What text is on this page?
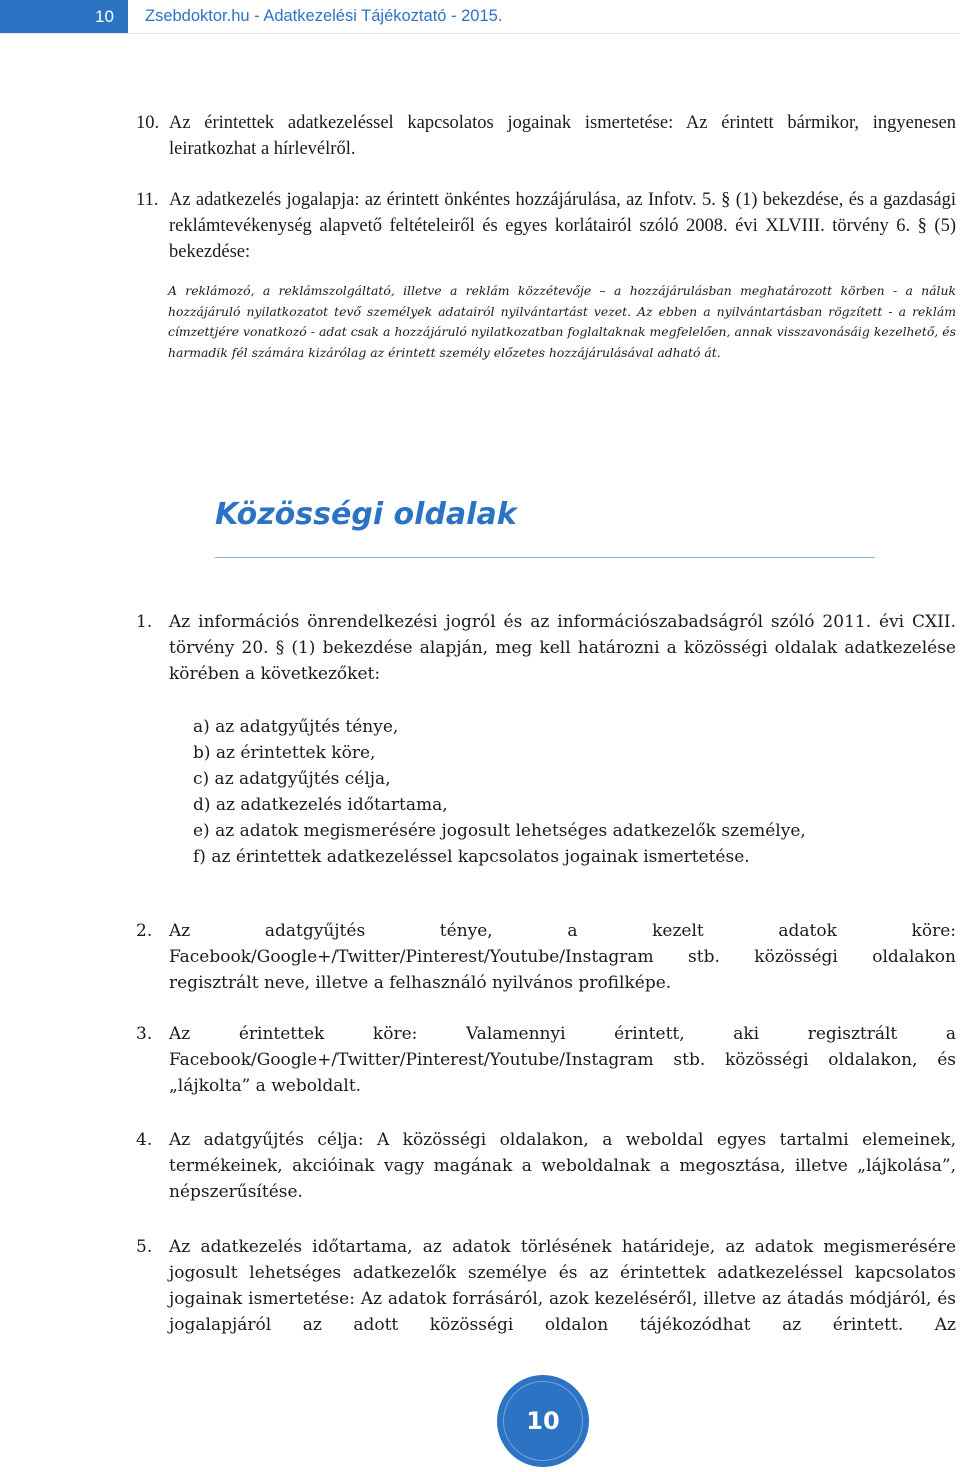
10	Zsebdoktor.hu - Adatkezelési Tájékoztató - 2015.
10. Az érintettek adatkezeléssel kapcsolatos jogainak ismertetése: Az érintett bármikor, ingyenesen leiratkozhat a hírlevélről.
11. Az adatkezelés jogalapja: az érintett önkéntes hozzájárulása, az Infotv. 5. § (1) bekezdése, és a gazdasági reklámtevékenység alapvető feltételeiről és egyes korlátairól szóló 2008. évi XLVIII. törvény 6. § (5) bekezdése:
A reklámozó, a reklámszolgáltató, illetve a reklám közzétevője – a hozzájárulásban meghatározott körben - a náluk hozzájáruló nyilatkozatot tevő személyek adatairól nyilvántartást vezet. Az ebben a nyilvántartásban rögzített - a reklám címzettjére vonatkozó - adat csak a hozzájáruló nyilatkozatban foglaltaknak megfelelően, annak visszavonásáig kezelhető, és harmadik fél számára kizárólag az érintett személy előzetes hozzájárulásával adható át.
Közösségi oldalak
1. Az információs önrendelkezési jogról és az információszabadságról szóló 2011. évi CXII. törvény 20. § (1) bekezdése alapján, meg kell határozni a közösségi oldalak adatkezelése körében a következőket:
a) az adatgyűjtés ténye,
b) az érintettek köre,
c) az adatgyűjtés célja,
d) az adatkezelés időtartama,
e) az adatok megismerésére jogosult lehetséges adatkezelők személye,
f) az érintettek adatkezeléssel kapcsolatos jogainak ismertetése.
2. Az adatgyűjtés ténye, a kezelt adatok köre: Facebook/Google+/Twitter/Pinterest/Youtube/Instagram stb. közösségi oldalakon regisztrált neve, illetve a felhasználó nyilvános profilképe.
3. Az érintettek köre: Valamennyi érintett, aki regisztrált a Facebook/Google+/Twitter/Pinterest/Youtube/Instagram stb. közösségi oldalakon, és „lájkolta” a weboldalt.
4. Az adatgyűjtés célja: A közösségi oldalakon, a weboldal egyes tartalmi elemeinek, termékeinek, akcióinak vagy magának a weboldalnak a megosztása, illetve „lájkolása”, népszerűsítése.
5. Az adatkezelés időtartama, az adatok törlésének határideje, az adatok megismerésére jogosult lehetséges adatkezelők személye és az érintettek adatkezeléssel kapcsolatos jogainak ismertetése: Az adatok forrásáról, azok kezeléséről, illetve az átadás módjáról, és jogalapjáról az adott közösségi oldalon tájékozódhat az érintett. Az
10
